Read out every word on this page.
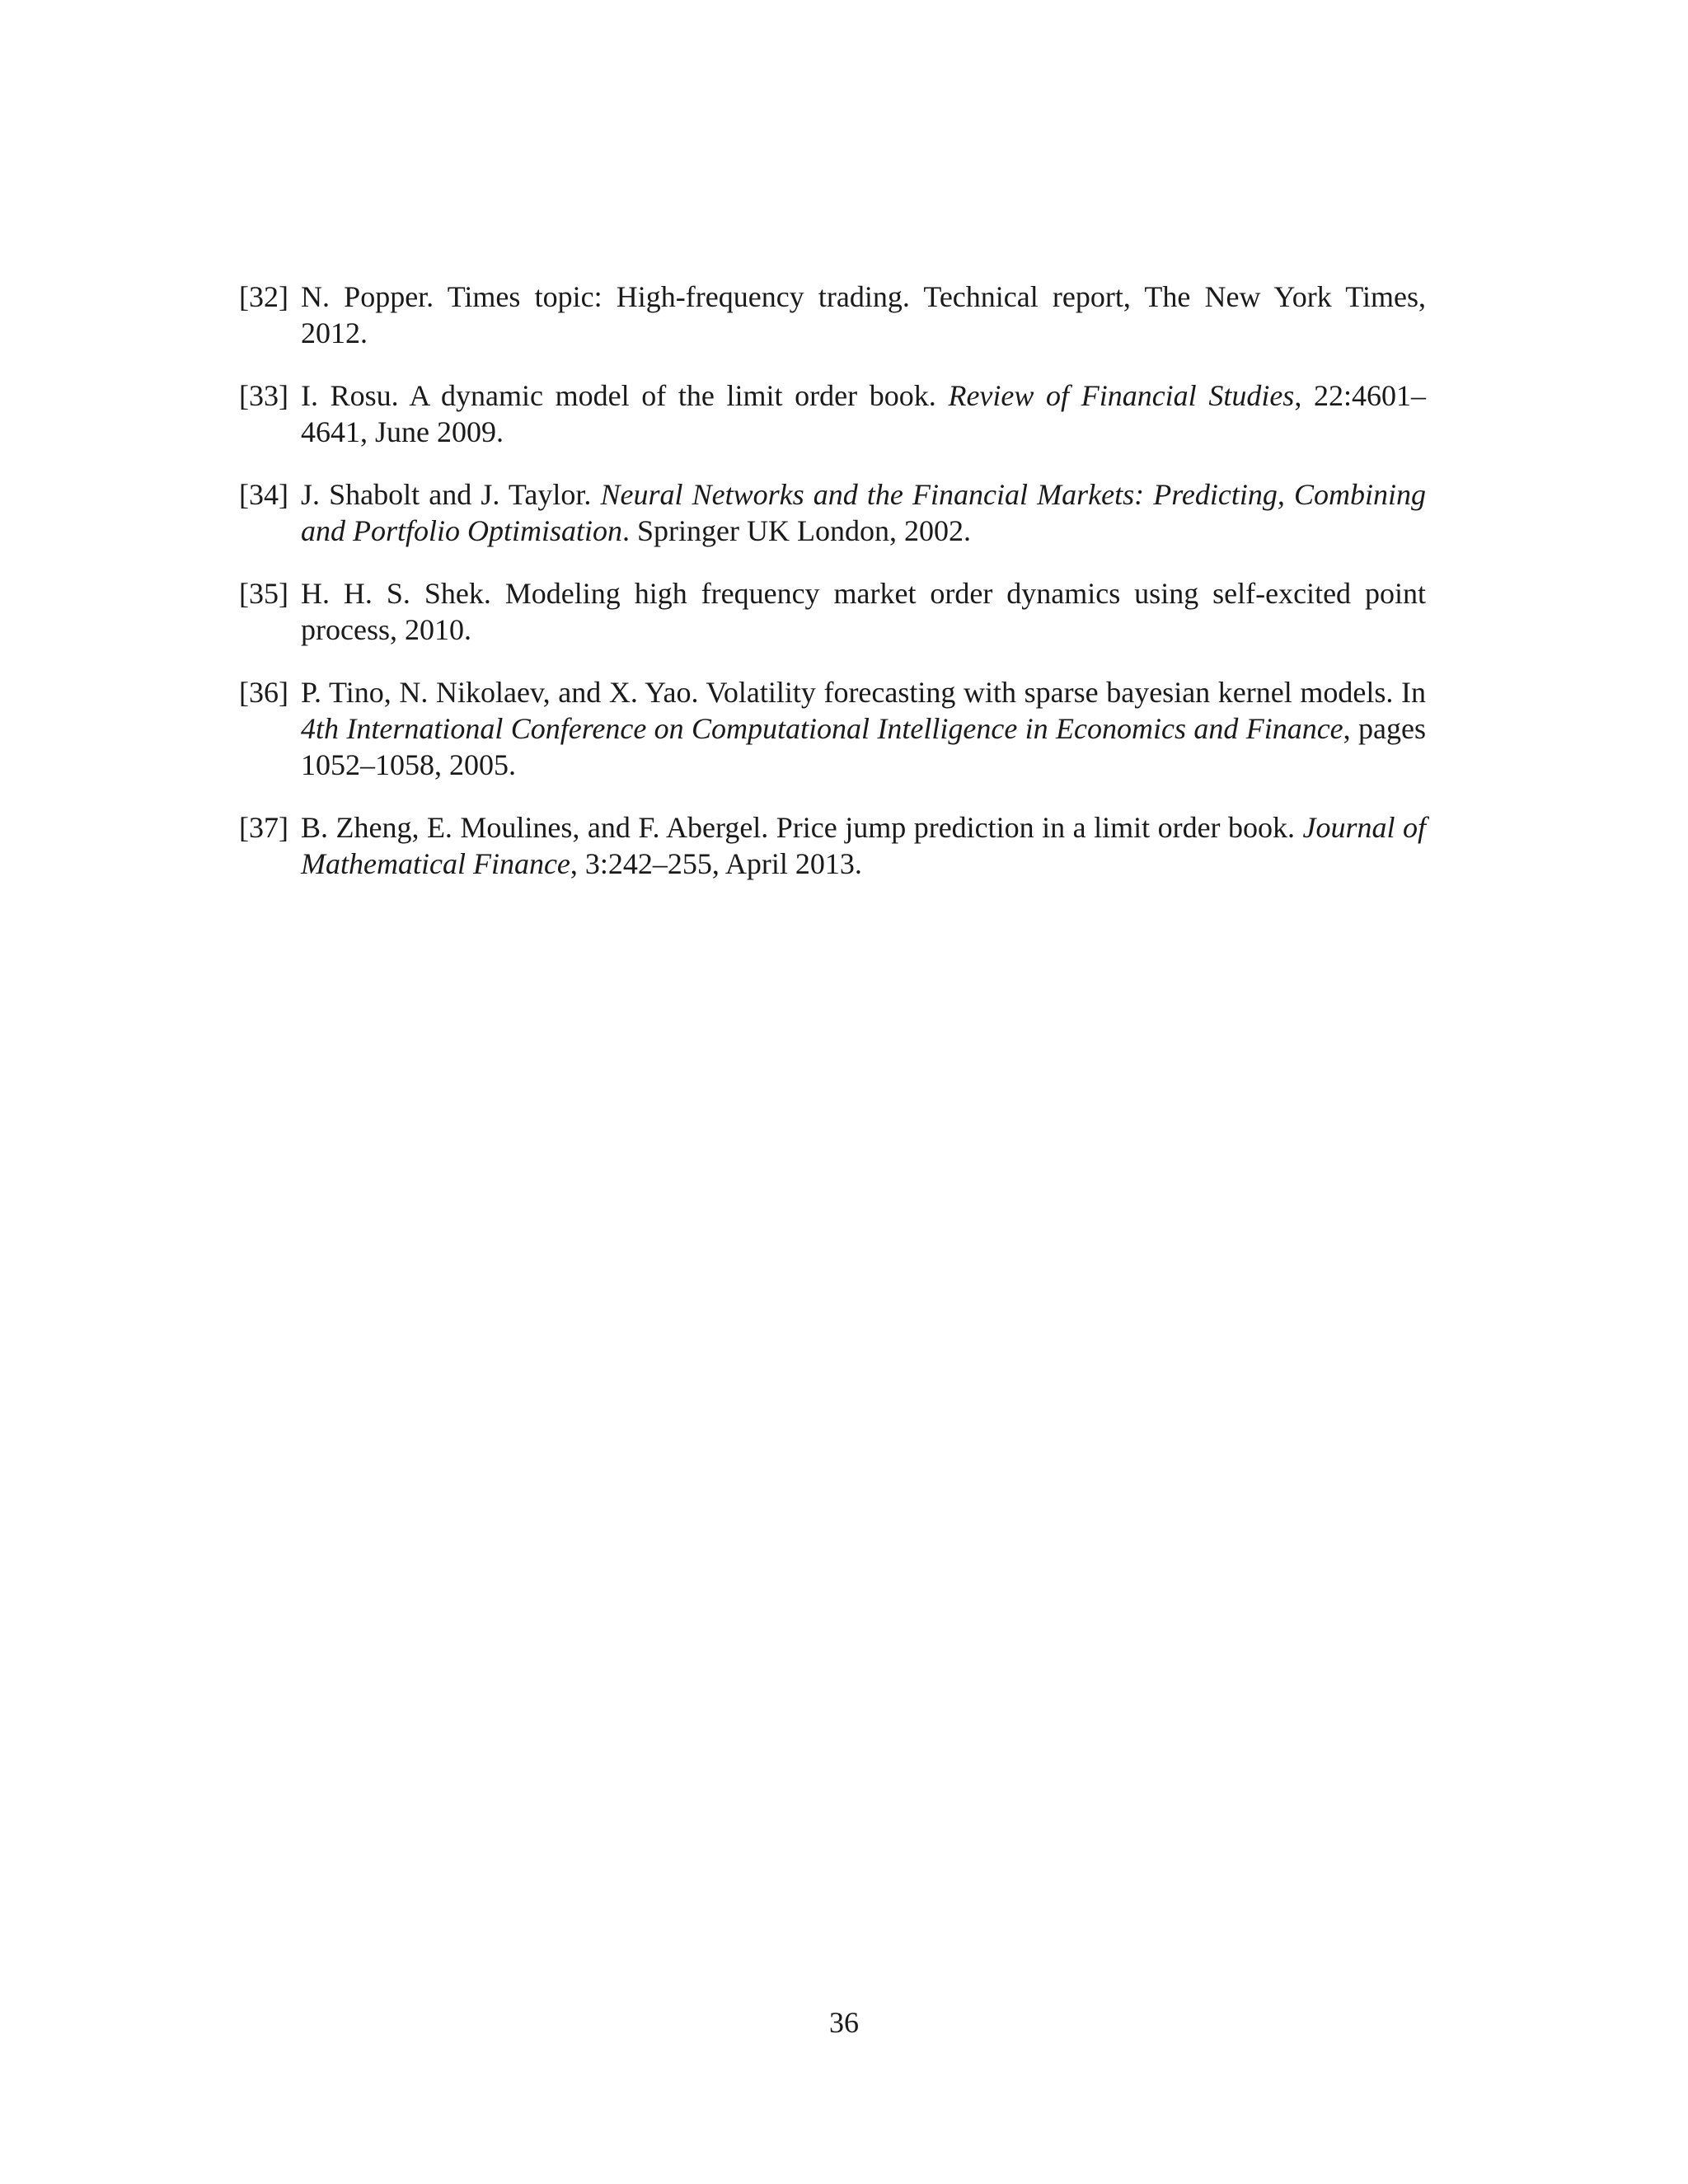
[32] N. Popper. Times topic: High-frequency trading. Technical report, The New York Times, 2012.
[33] I. Rosu. A dynamic model of the limit order book. Review of Financial Studies, 22:4601–4641, June 2009.
[34] J. Shabolt and J. Taylor. Neural Networks and the Financial Markets: Predicting, Combining and Portfolio Optimisation. Springer UK London, 2002.
[35] H. H. S. Shek. Modeling high frequency market order dynamics using self-excited point process, 2010.
[36] P. Tino, N. Nikolaev, and X. Yao. Volatility forecasting with sparse bayesian kernel models. In 4th International Conference on Computational Intelligence in Economics and Finance, pages 1052–1058, 2005.
[37] B. Zheng, E. Moulines, and F. Abergel. Price jump prediction in a limit order book. Journal of Mathematical Finance, 3:242–255, April 2013.
36
